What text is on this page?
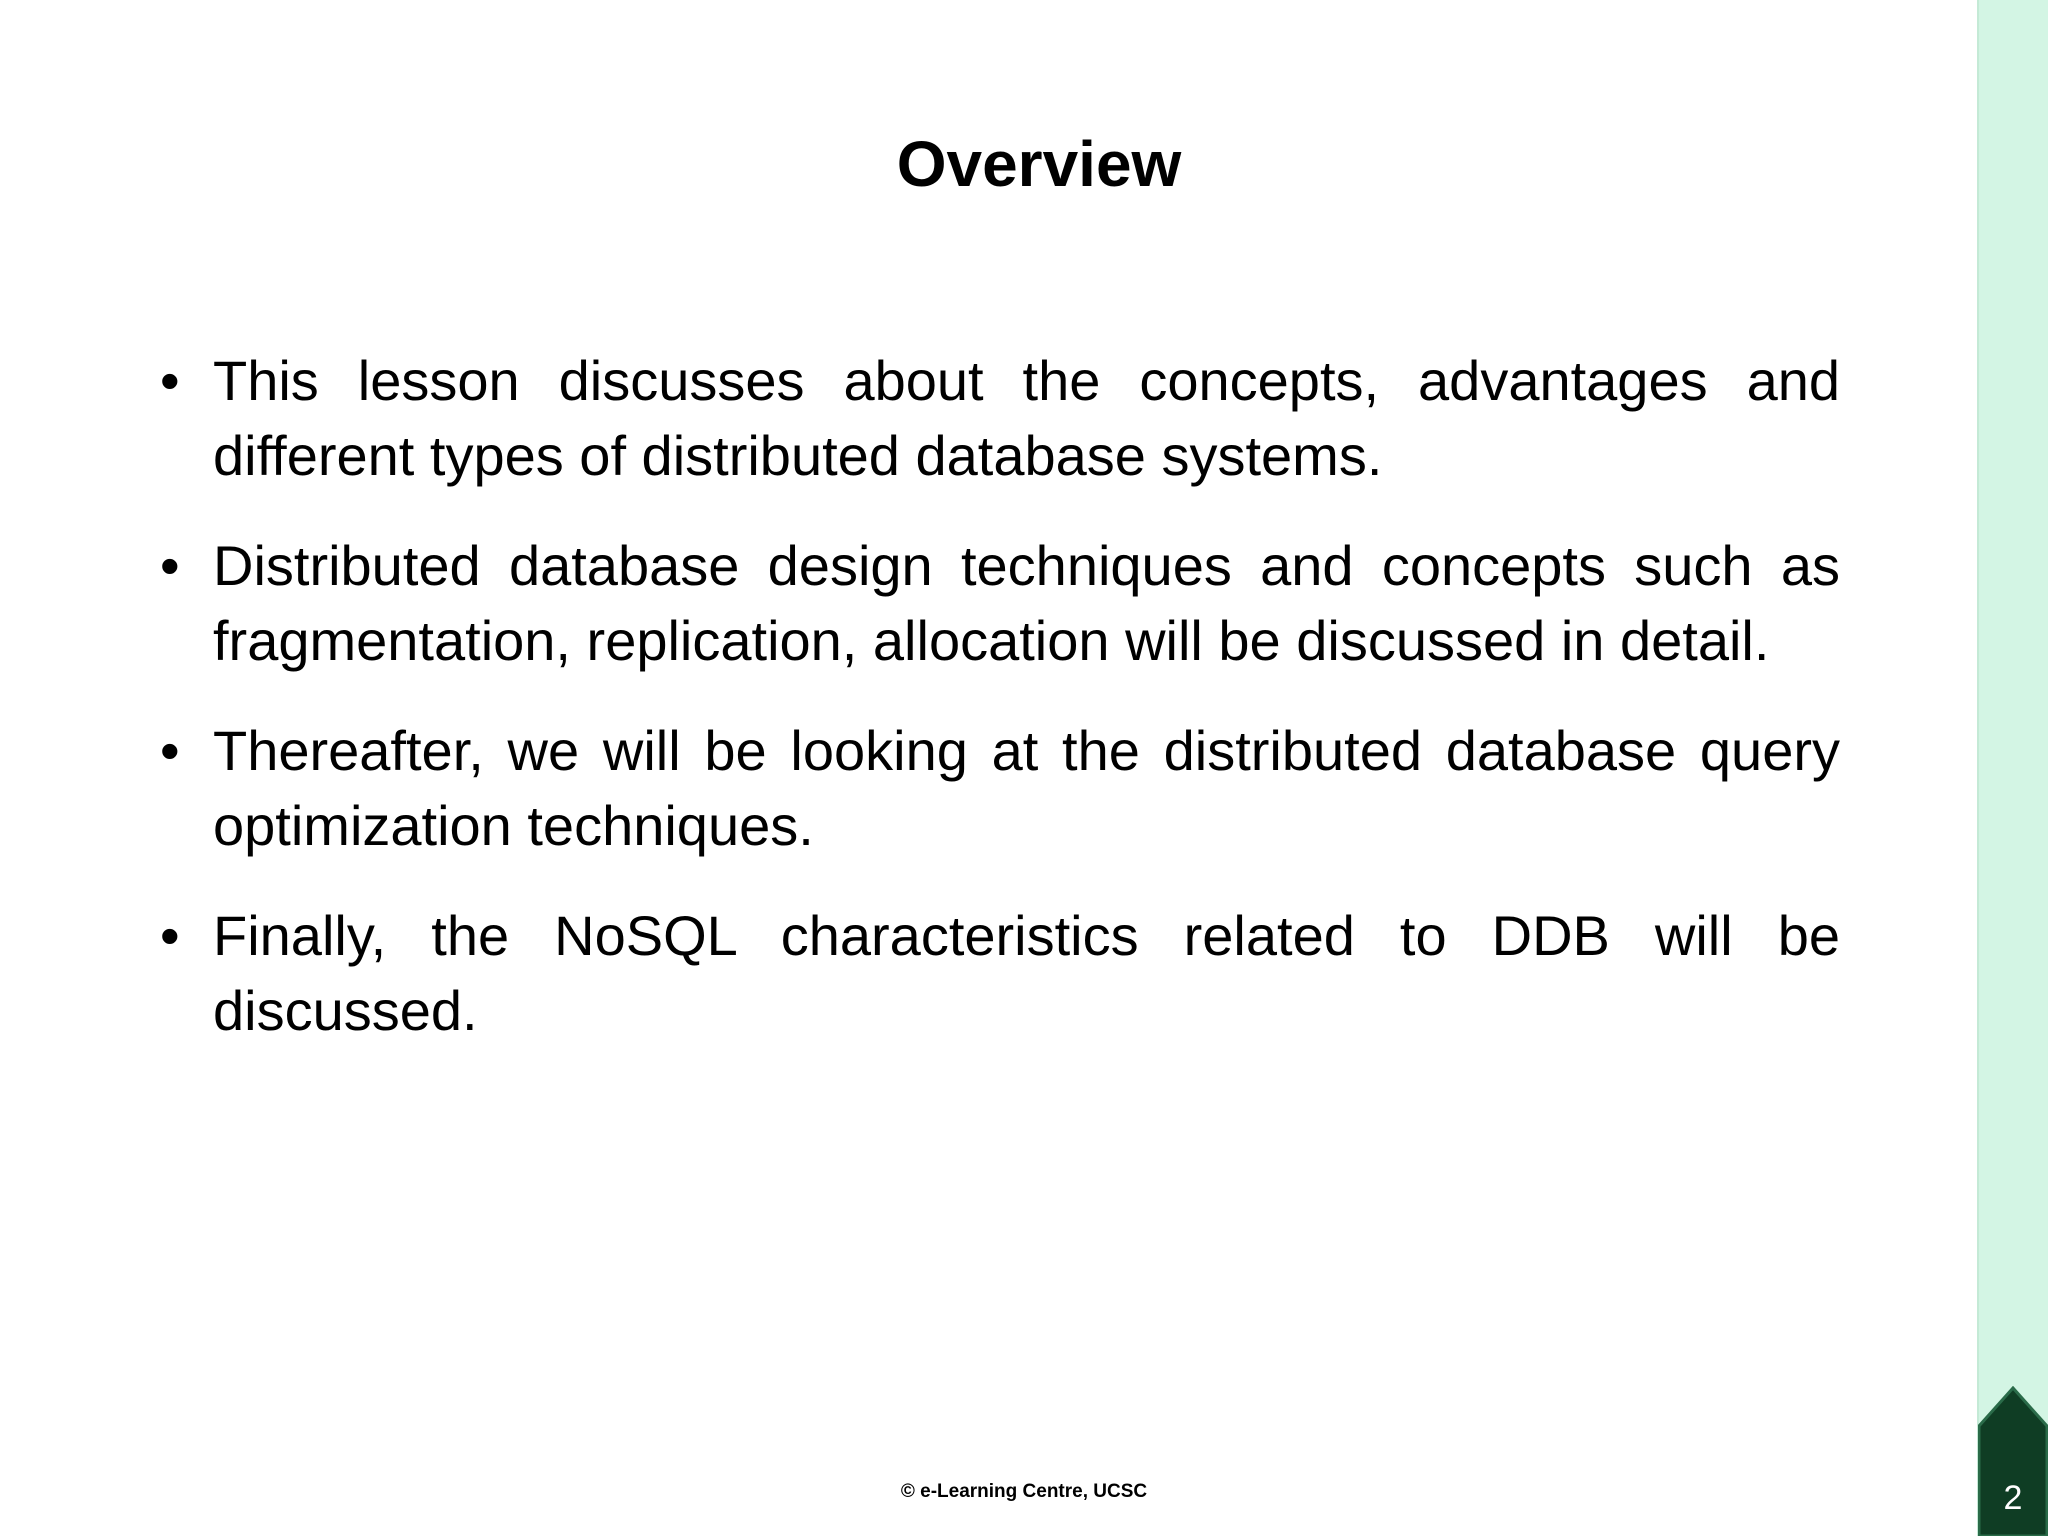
Overview
• This lesson discusses about the concepts, advantages and different types of distributed database systems.
• Distributed database design techniques and concepts such as fragmentation, replication, allocation will be discussed in detail.
• Thereafter, we will be looking at the distributed database query optimization techniques.
• Finally, the NoSQL characteristics related to DDB will be discussed.
© e-Learning Centre, UCSC	2
